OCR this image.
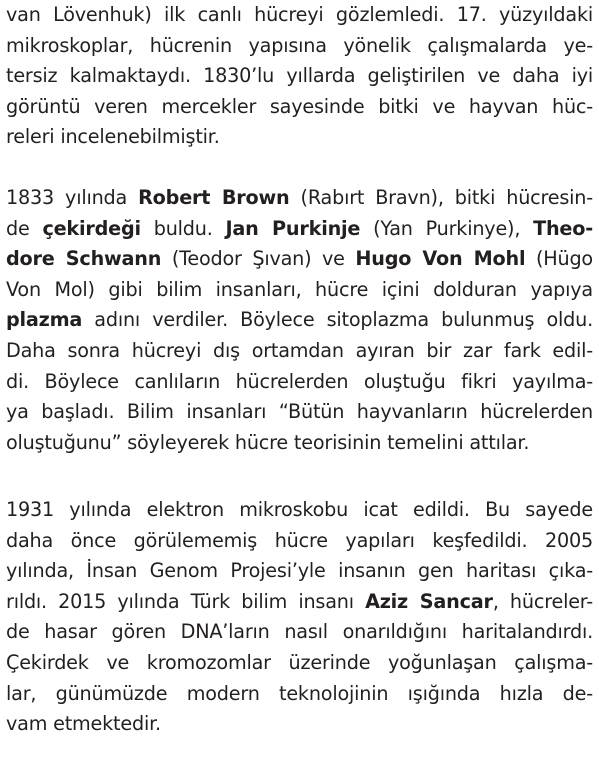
van Lövenhuk) ilk canlı hücreyi gözlemledi. 17. yüzyıldaki
mikroskoplar, hücrenin yapısına yönelik çalışmalarda ye-
tersiz kalmaktaydı. 1830’lu yıllarda geliştirilen ve daha iyi
görüntü veren mercekler sayesinde bitki ve hayvan hüc-
releri incelenebilmiştir.
1833 yılında Robert Brown (Rabırt Bravn), bitki hücresin-
de çekirdeği buldu. Jan Purkinje (Yan Purkinye), Theo-
dore Schwann (Teodor Şıvan) ve Hugo Von Mohl (Hügo
Von Mol) gibi bilim insanları, hücre içini dolduran yapıya
plazma adını verdiler. Böylece sitoplazma bulunmuş oldu.
Daha sonra hücreyi dış ortamdan ayıran bir zar fark edil-
di. Böylece canlıların hücrelerden oluştuğu fikri yayılma-
ya başladı. Bilim insanları “Bütün hayvanların hücrelerden
oluştuğunu” söyleyerek hücre teorisinin temelini attılar.
1931 yılında elektron mikroskobu icat edildi. Bu sayede
daha önce görülememiş hücre yapıları keşfedildi. 2005
yılında, İnsan Genom Projesi’yle insanın gen haritası çıka-
rıldı. 2015 yılında Türk bilim insanı Aziz Sancar, hücreler-
de hasar gören DNA’ların nasıl onarıldığını haritalandırdı.
Çekirdek ve kromozomlar üzerinde yoğunlaşan çalışma-
lar, günümüzde modern teknolojinin ışığında hızla de-
vam etmektedir.
